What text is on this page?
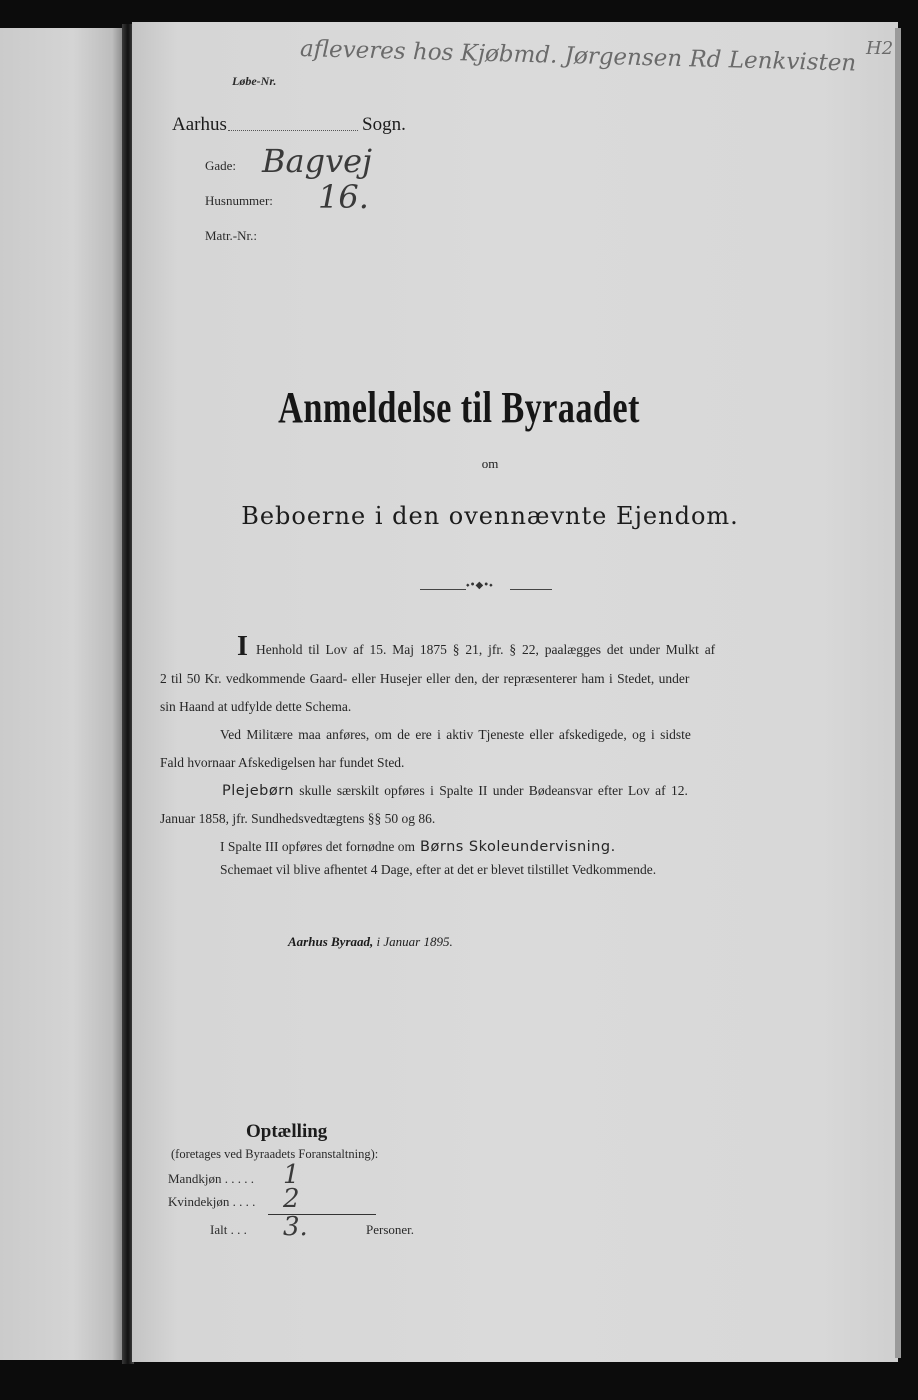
afleveres hos Kjøbmd. Jørgensen Rd Lenkvisten H2
Løbe-Nr.
Aarhus	Sogn.
Gade: Bagvej
Husnummer: 16.
Matr.-Nr.:
Anmeldelse til Byraadet
om
Beboerne i den ovennævnte Ejendom.
⬩•◆•⬩
I Henhold til Lov af 15. Maj 1875 § 21, jfr. § 22, paalægges det under Mulkt af
2 til 50 Kr. vedkommende Gaard- eller Husejer eller den, der repræsenterer ham i Stedet, under
sin Haand at udfylde dette Schema.
Ved Militære maa anføres, om de ere i aktiv Tjeneste eller afskedigede, og i sidste
Fald hvornaar Afskedigelsen har fundet Sted.
Plejebørn skulle særskilt opføres i Spalte II under Bødeansvar efter Lov af 12.
Januar 1858, jfr. Sundhedsvedtægtens §§ 50 og 86.
I Spalte III opføres det fornødne om Børns Skoleundervisning.
Schemaet vil blive afhentet 4 Dage, efter at det er blevet tilstillet Vedkommende.
Aarhus Byraad, i Januar 1895.
Optælling
(foretages ved Byraadets Foranstaltning):
Mandkjøn . . . . . 1
Kvindekjøn . . . . 2
Ialt . . . 3.	Personer.
